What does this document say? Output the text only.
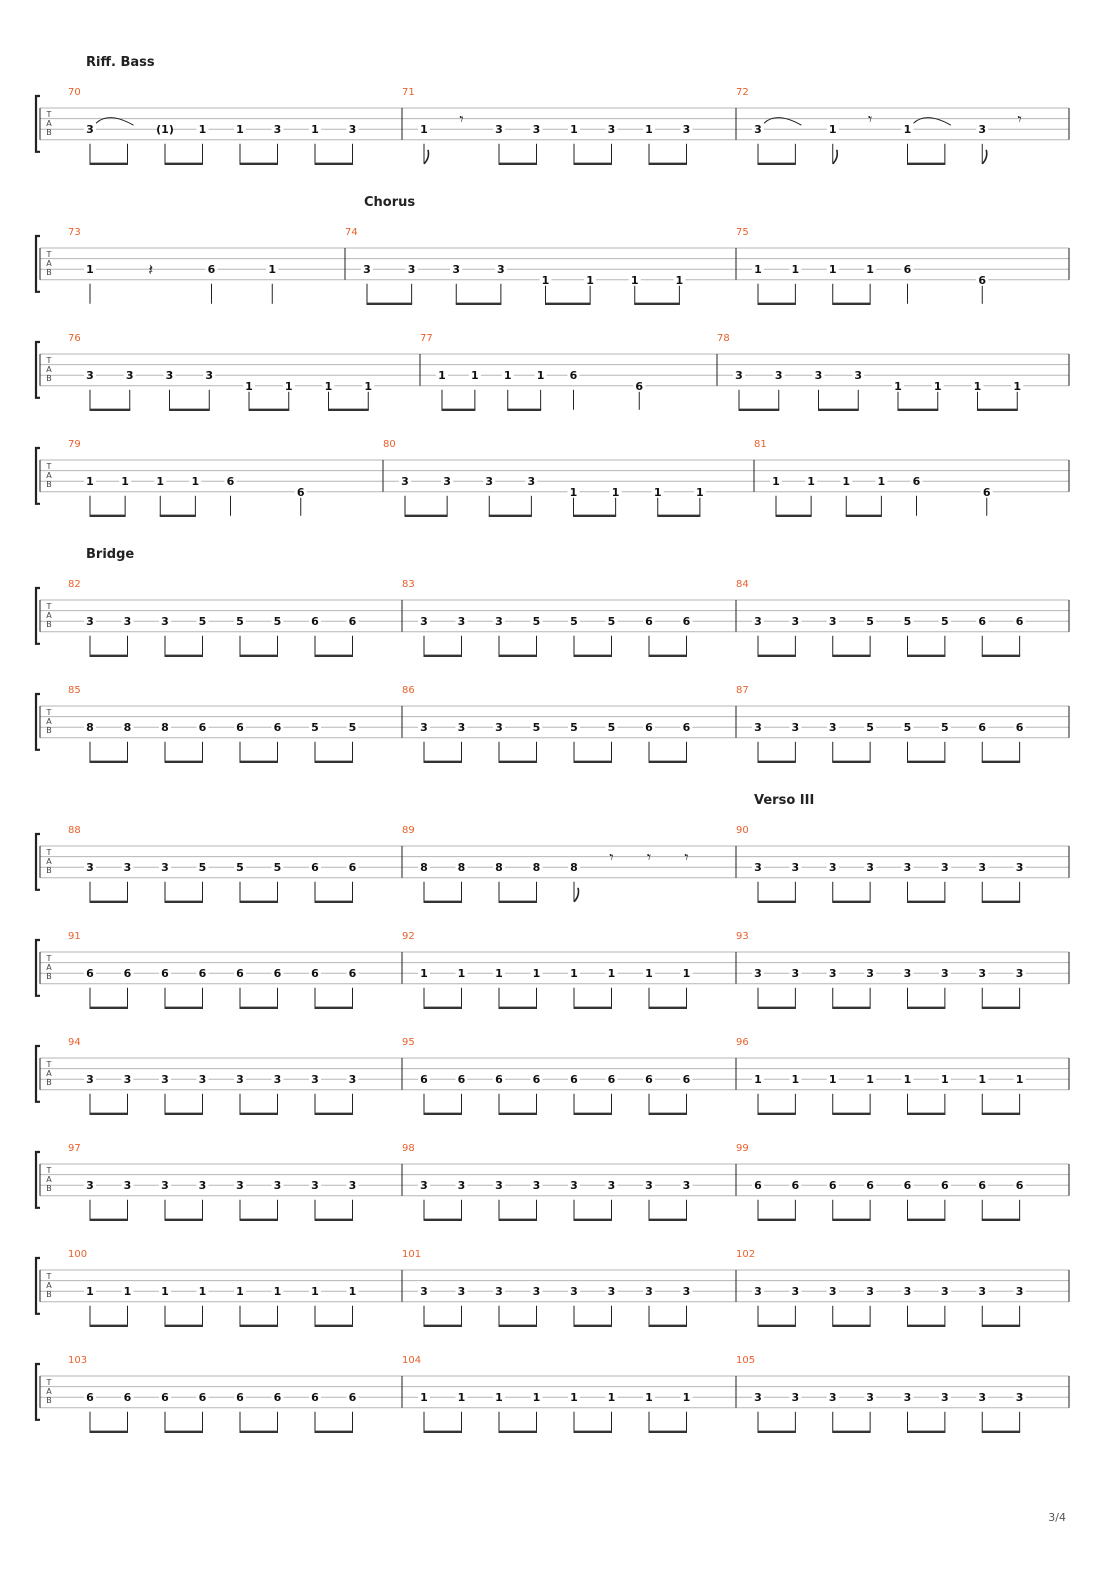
T
A
B
Riff. Bass
70
3	(1) 1	1	3	1	3
71
1
𝄾
3	3	1	3	1	3
72
3	1
𝄾
1	3
𝄾
T
A
B
Chorus
73
1	𝄽	6	1
74
3	3	3	3
1	1	1	1
75
1	1	1	1	6
6
T
A
B
76
3	3	3	3
1	1	1	1
77
1 1 1 1 6
6
78
3	3	3	3
1	1	1	1
T
A
B
79
1 1 1 1 6
6
80
3	3	3	3
1	1	1	1
81
1 1 1 1 6
6
T
A
B
Bridge
82
3	3	3	5	5	5	6	6
83
3	3	3	5	5	5	6	6
84
3	3	3	5	5	5	6	6
T
A
B
85
8	8	8	6	6	6	5	5
86
3	3	3	5	5	5	6	6
87
3	3	3	5	5	5	6	6
T
A
B
88
3	3	3	5	5	5	6	6
89
8	8	8	8	8
𝄾 𝄾 𝄾
90
Verso III
3	3	3	3	3	3	3	3
T
A
B
91
6	6	6	6	6	6	6	6
92
1	1	1	1	1	1	1	1
93
3	3	3	3	3	3	3	3
T
A
B
94
3	3	3	3	3	3	3	3
95
6	6	6	6	6	6	6	6
96
1	1	1	1	1	1	1	1
T
A
B
97
3	3	3	3	3	3	3	3
98
3	3	3	3	3	3	3	3
99
6	6	6	6	6	6	6	6
T
A
B
100
1	1	1	1	1	1	1	1
101
3	3	3	3	3	3	3	3
102
3	3	3	3	3	3	3	3
T
A
B
103
6	6	6	6	6	6	6	6
104
1	1	1	1	1	1	1	1
105
3	3	3	3	3	3	3	3
3/4
